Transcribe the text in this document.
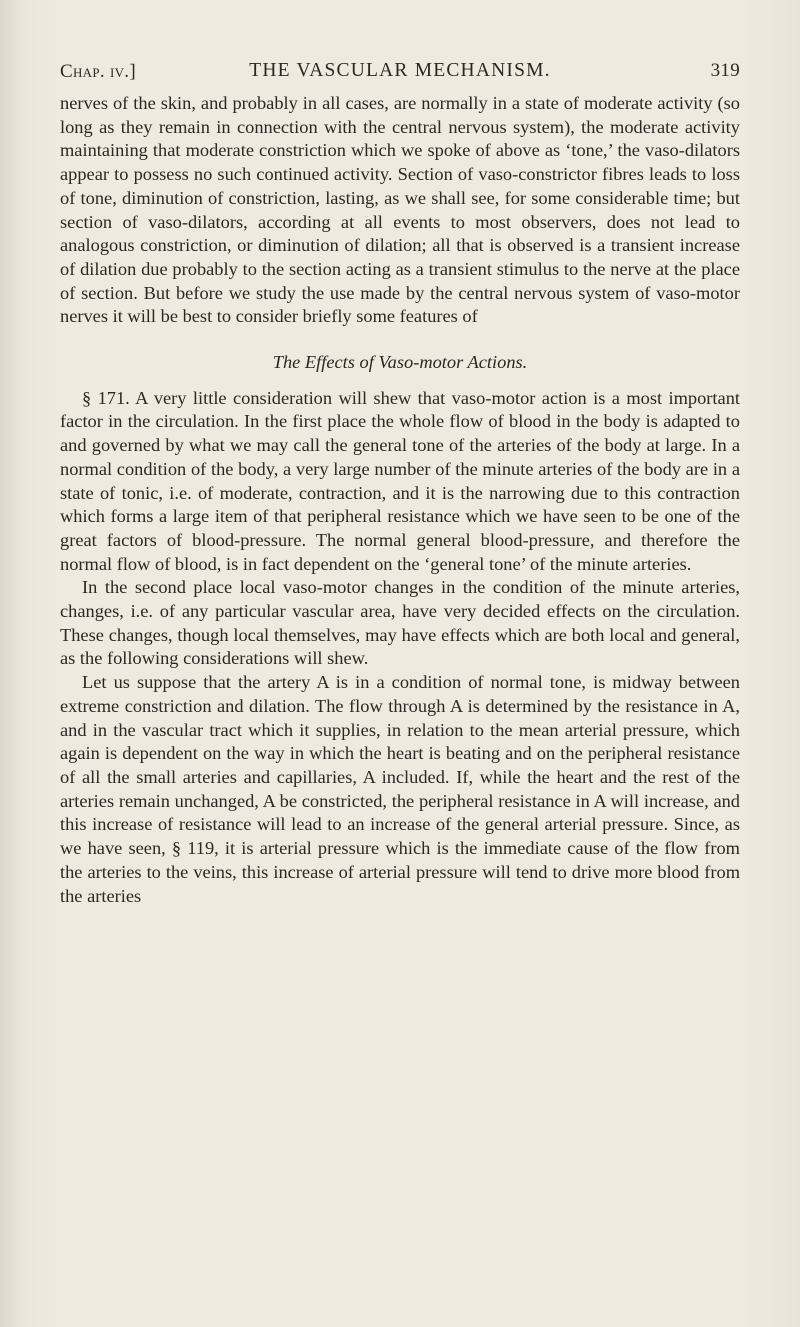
Chap. iv.]	THE VASCULAR MECHANISM.	319

nerves of the skin, and probably in all cases, are normally in a state of moderate activity (so long as they remain in connection with the central nervous system), the moderate activity maintaining that moderate constriction which we spoke of above as ‘tone,’ the vaso-dilators appear to possess no such continued activity. Section of vaso-constrictor fibres leads to loss of tone, diminution of constriction, lasting, as we shall see, for some considerable time; but section of vaso-dilators, according at all events to most observers, does not lead to analogous constriction, or diminution of dilation; all that is observed is a transient increase of dilation due probably to the section acting as a transient stimulus to the nerve at the place of section. But before we study the use made by the central nervous system of vaso-motor nerves it will be best to consider briefly some features of

The Effects of Vaso-motor Actions.

§ 171. A very little consideration will shew that vaso-motor action is a most important factor in the circulation. In the first place the whole flow of blood in the body is adapted to and governed by what we may call the general tone of the arteries of the body at large. In a normal condition of the body, a very large number of the minute arteries of the body are in a state of tonic, i.e. of moderate, contraction, and it is the narrowing due to this contraction which forms a large item of that peripheral resistance which we have seen to be one of the great factors of blood-pressure. The normal general blood-pressure, and therefore the normal flow of blood, is in fact dependent on the ‘general tone’ of the minute arteries.

In the second place local vaso-motor changes in the condition of the minute arteries, changes, i.e. of any particular vascular area, have very decided effects on the circulation. These changes, though local themselves, may have effects which are both local and general, as the following considerations will shew.

Let us suppose that the artery A is in a condition of normal tone, is midway between extreme constriction and dilation. The flow through A is determined by the resistance in A, and in the vascular tract which it supplies, in relation to the mean arterial pressure, which again is dependent on the way in which the heart is beating and on the peripheral resistance of all the small arteries and capillaries, A included. If, while the heart and the rest of the arteries remain unchanged, A be constricted, the peripheral resistance in A will increase, and this increase of resistance will lead to an increase of the general arterial pressure. Since, as we have seen, § 119, it is arterial pressure which is the immediate cause of the flow from the arteries to the veins, this increase of arterial pressure will tend to drive more blood from the arteries
